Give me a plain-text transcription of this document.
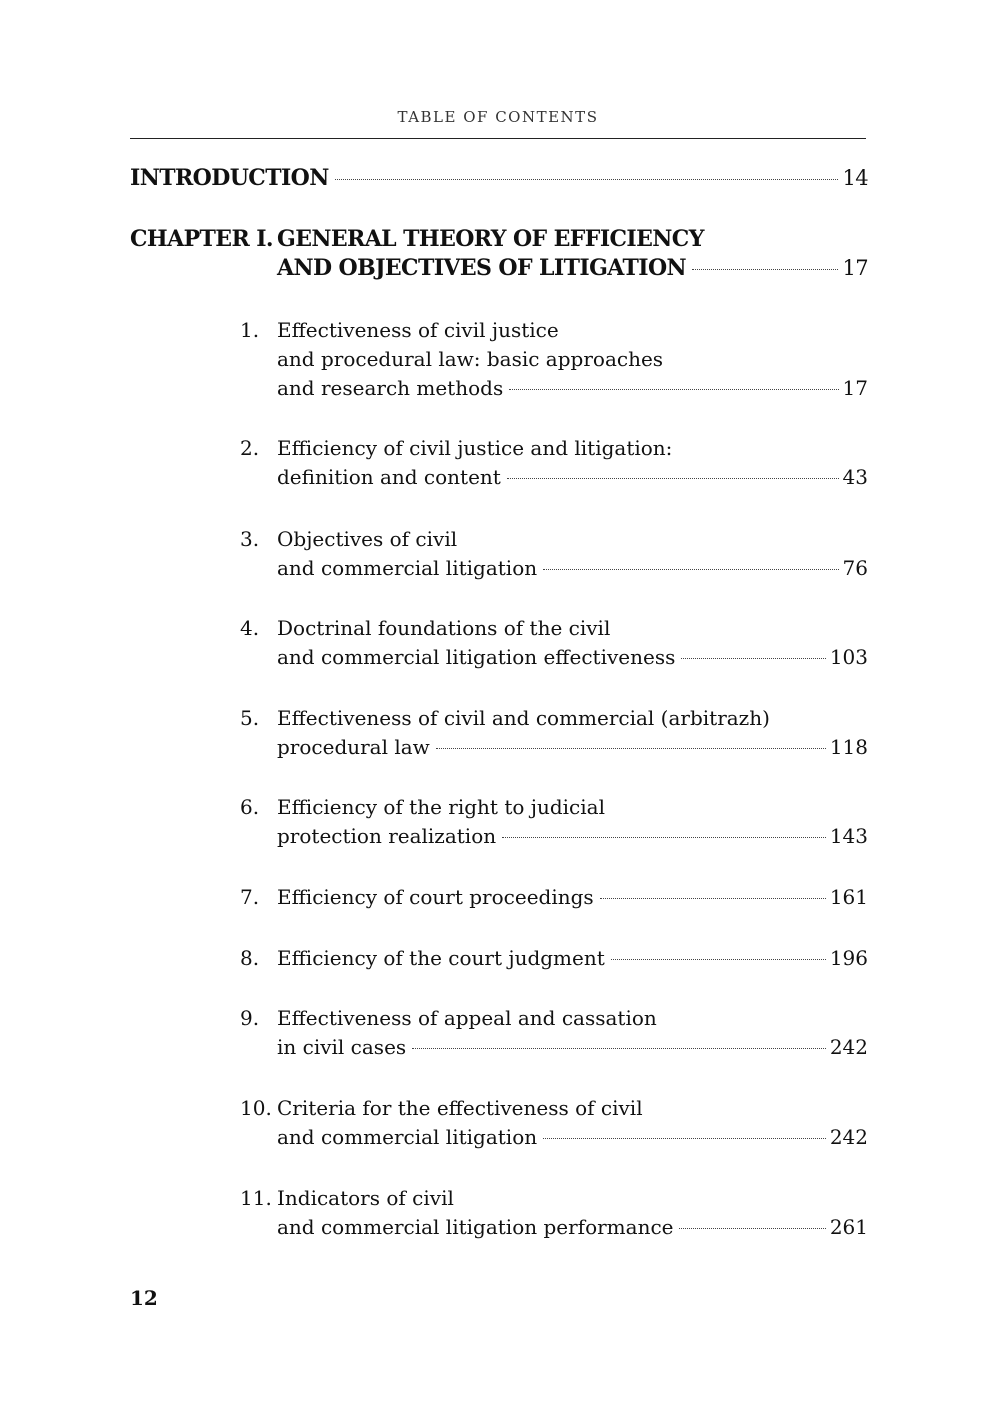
TABLE OF CONTENTS
INTRODUCTION	14
CHAPTER I. GENERAL THEORY OF EFFICIENCY
AND OBJECTIVES OF LITIGATION	17
1. Effectiveness of civil justice
and procedural law: basic approaches
and research methods	17
2. Efficiency of civil justice and litigation:
definition and content	43
3. Objectives of civil
and commercial litigation	76
4. Doctrinal foundations of the civil
and commercial litigation effectiveness	103
5. Effectiveness of civil and commercial (arbitrazh)
procedural law	118
6. Efficiency of the right to judicial
protection realization	143
7. Efficiency of court proceedings	161
8. Efficiency of the court judgment	196
9. Effectiveness of appeal and cassation
in civil cases	242
10. Criteria for the effectiveness of civil
and commercial litigation	242
11. Indicators of civil
and commercial litigation performance	261
12
